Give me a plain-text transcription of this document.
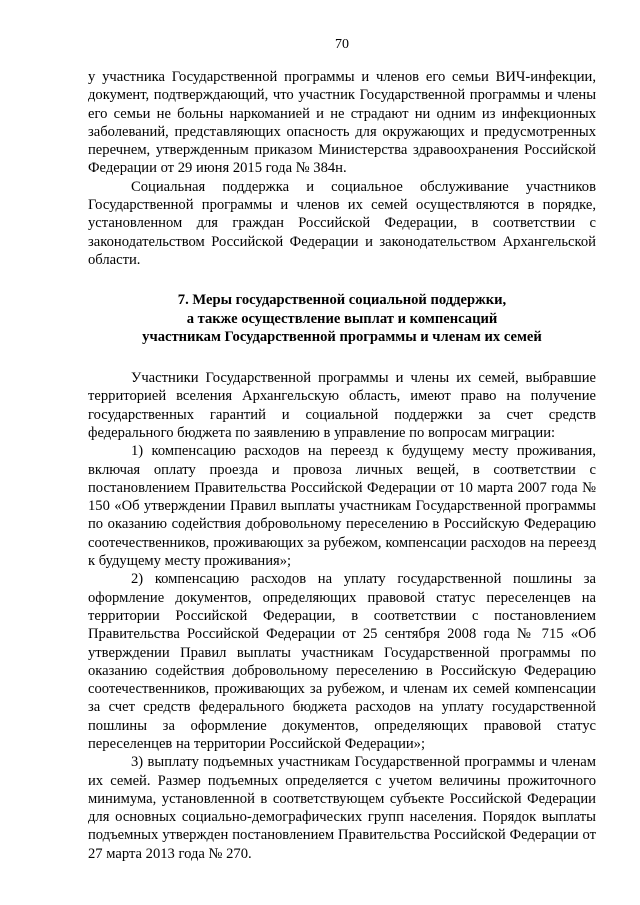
70

у участника Государственной программы и членов его семьи ВИЧ-инфекции, документ, подтверждающий, что участник Государственной программы и члены его семьи не больны наркоманией и не страдают ни одним из инфекционных заболеваний, представляющих опасность для окружающих и предусмотренных перечнем, утвержденным приказом Министерства здравоохранения Российской Федерации от 29 июня 2015 года № 384н.

Социальная поддержка и социальное обслуживание участников Государственной программы и членов их семей осуществляются в порядке, установленном для граждан Российской Федерации, в соответствии с законодательством Российской Федерации и законодательством Архангельской области.

7. Меры государственной социальной поддержки,
а также осуществление выплат и компенсаций
участникам Государственной программы и членам их семей

Участники Государственной программы и члены их семей, выбравшие территорией вселения Архангельскую область, имеют право на получение государственных гарантий и социальной поддержки за счет средств федерального бюджета по заявлению в управление по вопросам миграции:

1) компенсацию расходов на переезд к будущему месту проживания, включая оплату проезда и провоза личных вещей, в соответствии с постановлением Правительства Российской Федерации от 10 марта 2007 года № 150 «Об утверждении Правил выплаты участникам Государственной программы по оказанию содействия добровольному переселению в Российскую Федерацию соотечественников, проживающих за рубежом, компенсации расходов на переезд к будущему месту проживания»;

2) компенсацию расходов на уплату государственной пошлины за оформление документов, определяющих правовой статус переселенцев на территории Российской Федерации, в соответствии с постановлением Правительства Российской Федерации от 25 сентября 2008 года № 715 «Об утверждении Правил выплаты участникам Государственной программы по оказанию содействия добровольному переселению в Российскую Федерацию соотечественников, проживающих за рубежом, и членам их семей компенсации за счет средств федерального бюджета расходов на уплату государственной пошлины за оформление документов, определяющих правовой статус переселенцев на территории Российской Федерации»;

3) выплату подъемных участникам Государственной программы и членам их семей. Размер подъемных определяется с учетом величины прожиточного минимума, установленной в соответствующем субъекте Российской Федерации для основных социально-демографических групп населения. Порядок выплаты подъемных утвержден постановлением Правительства Российской Федерации от 27 марта 2013 года № 270.
